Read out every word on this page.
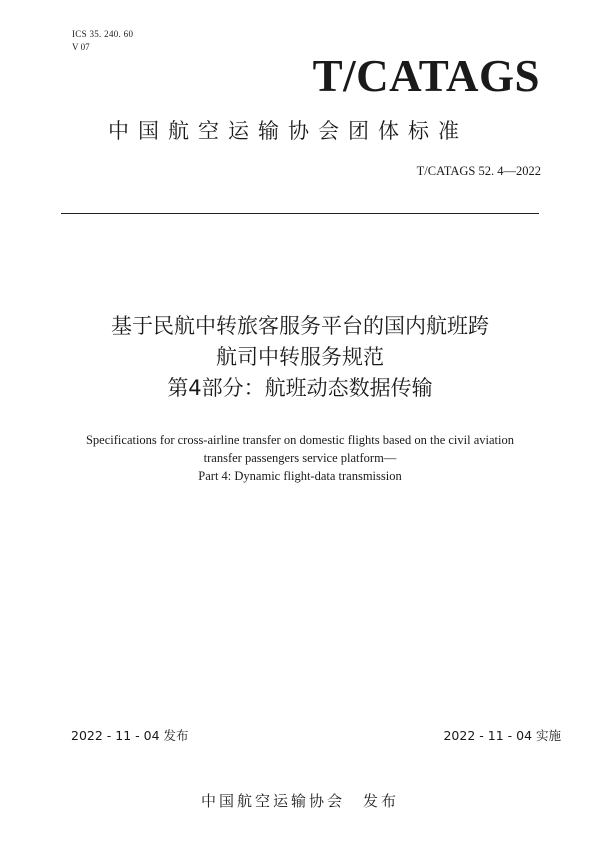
ICS 35. 240. 60
V 07
T/CATAGS
中国航空运输协会团体标准
T/CATAGS 52. 4—2022
基于民航中转旅客服务平台的国内航班跨
航司中转服务规范
第4部分：航班动态数据传输
Specifications for cross-airline transfer on domestic flights based on the civil aviation
transfer passengers service platform—
Part 4: Dynamic flight-data transmission
2022 - 11 - 04 发布	2022 - 11 - 04 实施
中国航空运输协会 发布
